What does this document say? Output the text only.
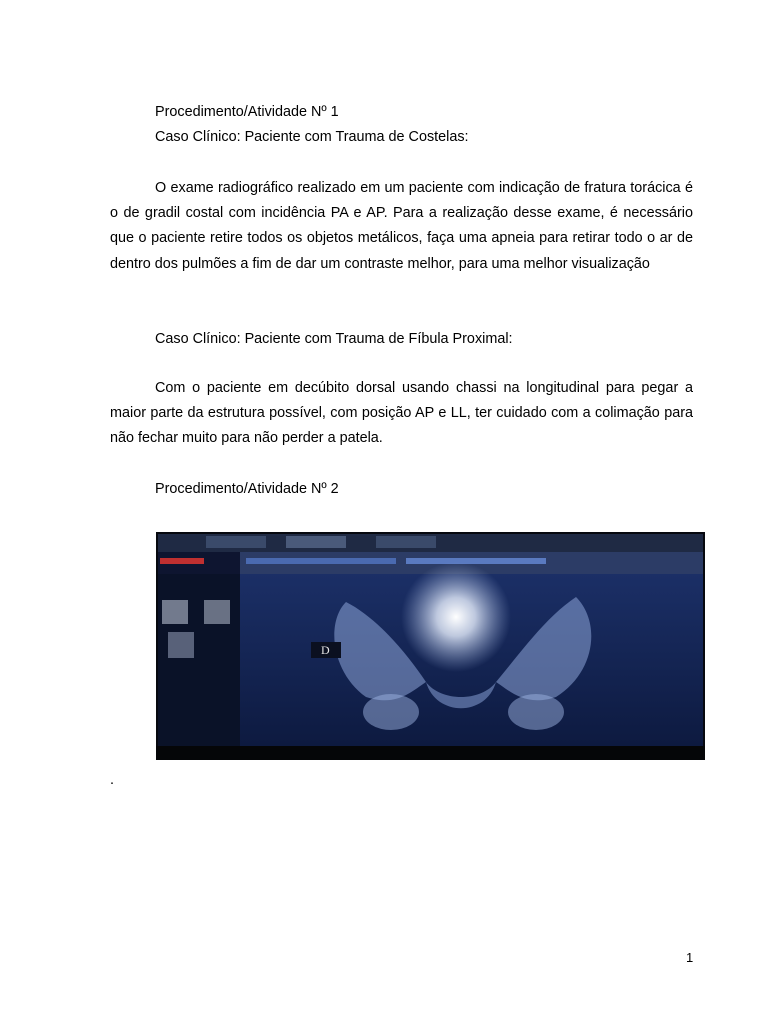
Procedimento/Atividade Nº 1
Caso Clínico: Paciente com Trauma de Costelas:
O exame radiográfico realizado em um paciente com indicação de fratura torácica é o de gradil costal com incidência PA e AP. Para a realização desse exame, é necessário que o paciente retire todos os objetos metálicos, faça uma apneia para retirar todo o ar de dentro dos pulmões a fim de dar um contraste melhor, para uma melhor visualização
Caso Clínico: Paciente com Trauma de Fíbula Proximal:
Com o paciente em decúbito dorsal usando chassi na longitudinal para pegar a maior parte da estrutura possível, com posição AP e LL, ter cuidado com a colimação para não fechar muito para não perder a patela.
Procedimento/Atividade Nº 2
D
.
1
